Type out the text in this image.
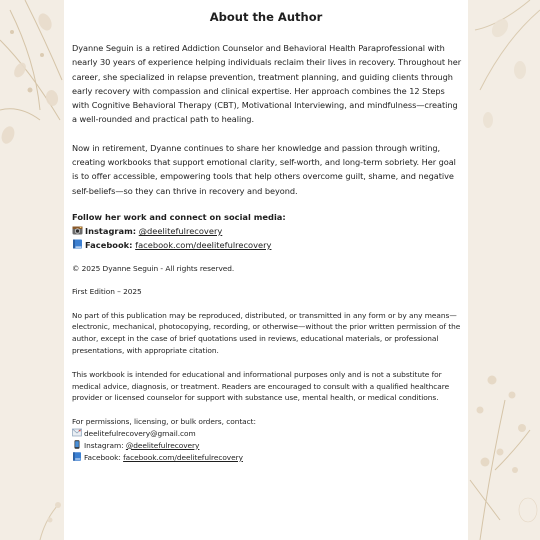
About the Author

Dyanne Seguin is a retired Addiction Counselor and Behavioral Health Paraprofessional with nearly 30 years of experience helping individuals reclaim their lives in recovery. Throughout her career, she specialized in relapse prevention, treatment planning, and guiding clients through early recovery with compassion and clinical expertise. Her approach combines the 12 Steps with Cognitive Behavioral Therapy (CBT), Motivational Interviewing, and mindfulness—creating a well-rounded and practical path to healing.

Now in retirement, Dyanne continues to share her knowledge and passion through writing, creating workbooks that support emotional clarity, self-worth, and long-term sobriety. Her goal is to offer accessible, empowering tools that help others overcome guilt, shame, and negative self-beliefs—so they can thrive in recovery and beyond.

Follow her work and connect on social media:
Instagram: @deelitefulrecovery
Facebook: facebook.com/deelitefulrecovery

© 2025 Dyanne Seguin - All rights reserved.

First Edition – 2025

No part of this publication may be reproduced, distributed, or transmitted in any form or by any means—electronic, mechanical, photocopying, recording, or otherwise—without the prior written permission of the author, except in the case of brief quotations used in reviews, educational materials, or professional presentations, with appropriate citation.

This workbook is intended for educational and informational purposes only and is not a substitute for medical advice, diagnosis, or treatment. Readers are encouraged to consult with a qualified healthcare provider or licensed counselor for support with substance use, mental health, or medical conditions.

For permissions, licensing, or bulk orders, contact:

deelitefulrecovery@gmail.com

Instagram: @deelitefulrecovery

Facebook: facebook.com/deelitefulrecovery
